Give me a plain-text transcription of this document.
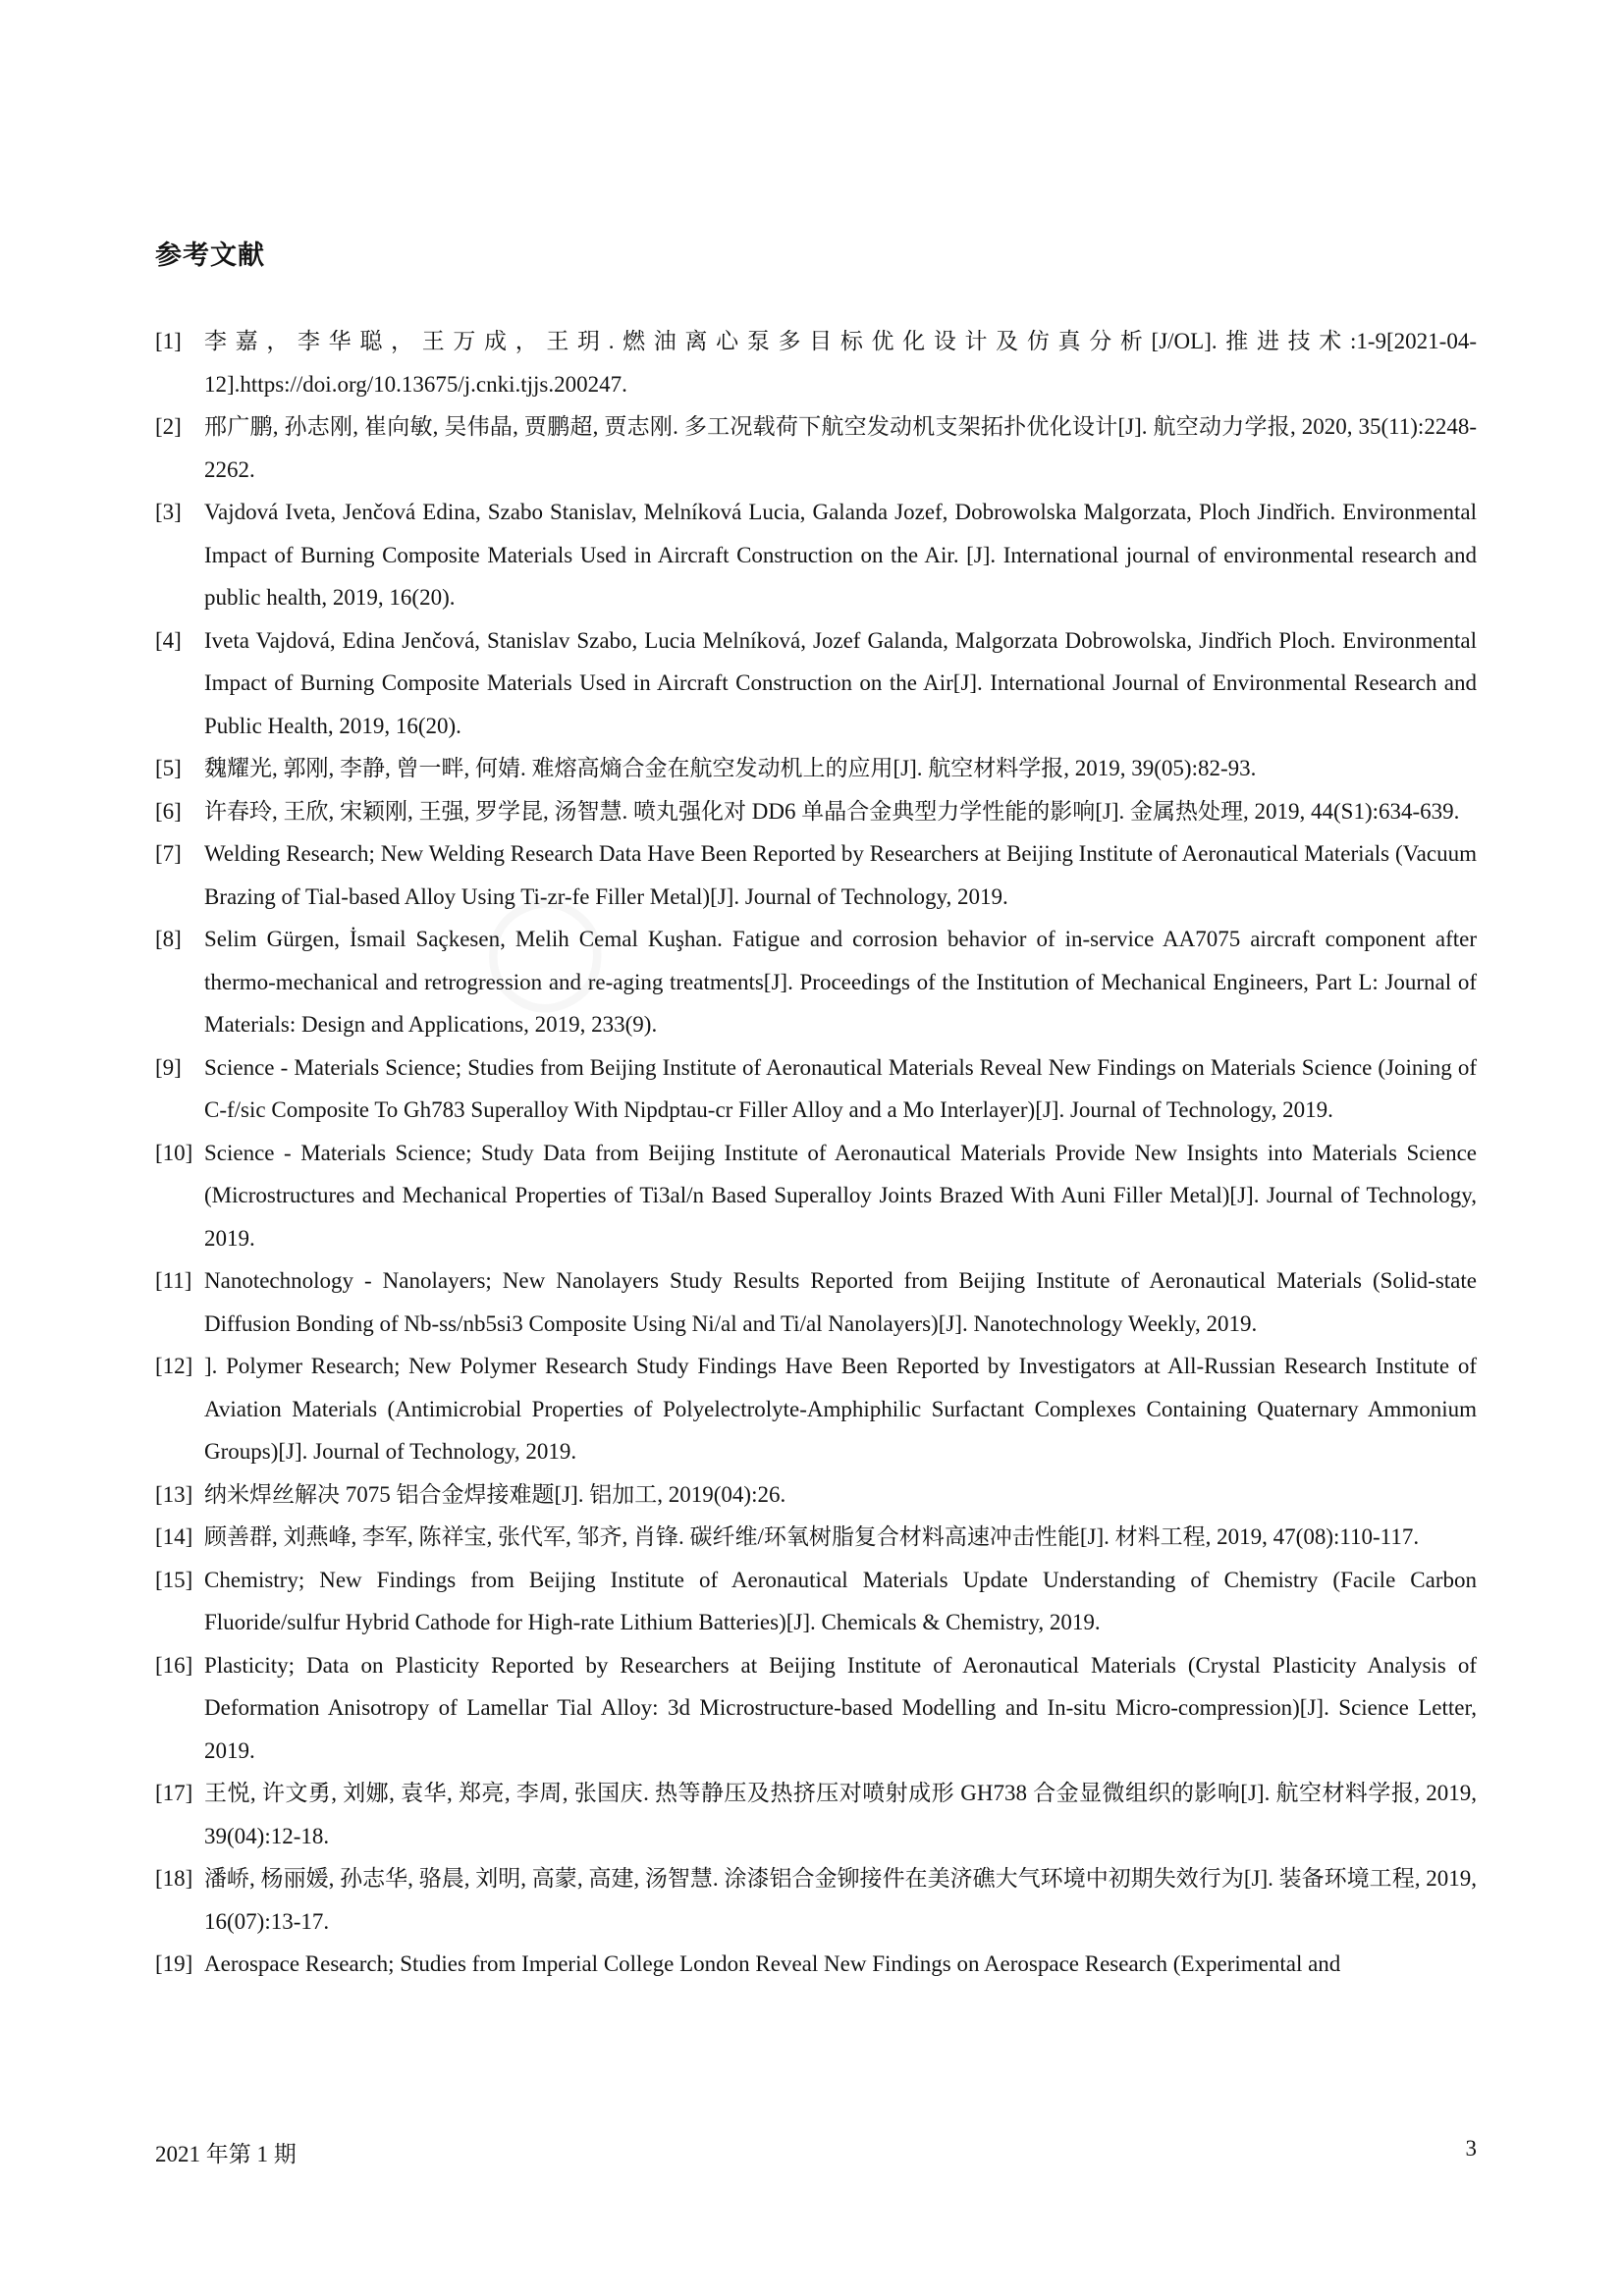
参考文献
[1] 李嘉，李华聪，王万成，王玥.燃油离心泵多目标优化设计及仿真分析[J/OL].推进技术:1-9[2021-04-12].https://doi.org/10.13675/j.cnki.tjjs.200247.
[2] 邢广鹏, 孙志刚, 崔向敏, 吴伟晶, 贾鹏超, 贾志刚. 多工况载荷下航空发动机支架拓扑优化设计[J]. 航空动力学报, 2020, 35(11):2248-2262.
[3] Vajdová Iveta, Jenčová Edina, Szabo Stanislav, Melníková Lucia, Galanda Jozef, Dobrowolska Malgorzata, Ploch Jindřich. Environmental Impact of Burning Composite Materials Used in Aircraft Construction on the Air. [J]. International journal of environmental research and public health, 2019, 16(20).
[4] Iveta Vajdová, Edina Jenčová, Stanislav Szabo, Lucia Melníková, Jozef Galanda, Malgorzata Dobrowolska, Jindřich Ploch. Environmental Impact of Burning Composite Materials Used in Aircraft Construction on the Air[J]. International Journal of Environmental Research and Public Health, 2019, 16(20).
[5] 魏耀光, 郭刚, 李静, 曾一畔, 何婧. 难熔高熵合金在航空发动机上的应用[J]. 航空材料学报, 2019, 39(05):82-93.
[6] 许春玲, 王欣, 宋颖刚, 王强, 罗学昆, 汤智慧. 喷丸强化对 DD6 单晶合金典型力学性能的影响[J]. 金属热处理, 2019, 44(S1):634-639.
[7] Welding Research; New Welding Research Data Have Been Reported by Researchers at Beijing Institute of Aeronautical Materials (Vacuum Brazing of Tial-based Alloy Using Ti-zr-fe Filler Metal)[J]. Journal of Technology, 2019.
[8] Selim Gürgen, İsmail Saçkesen, Melih Cemal Kuşhan. Fatigue and corrosion behavior of in-service AA7075 aircraft component after thermo-mechanical and retrogression and re-aging treatments[J]. Proceedings of the Institution of Mechanical Engineers, Part L: Journal of Materials: Design and Applications, 2019, 233(9).
[9] Science - Materials Science; Studies from Beijing Institute of Aeronautical Materials Reveal New Findings on Materials Science (Joining of C-f/sic Composite To Gh783 Superalloy With Nipdptau-cr Filler Alloy and a Mo Interlayer)[J]. Journal of Technology, 2019.
[10] Science - Materials Science; Study Data from Beijing Institute of Aeronautical Materials Provide New Insights into Materials Science (Microstructures and Mechanical Properties of Ti3al/n Based Superalloy Joints Brazed With Auni Filler Metal)[J]. Journal of Technology, 2019.
[11] Nanotechnology - Nanolayers; New Nanolayers Study Results Reported from Beijing Institute of Aeronautical Materials (Solid-state Diffusion Bonding of Nb-ss/nb5si3 Composite Using Ni/al and Ti/al Nanolayers)[J]. Nanotechnology Weekly, 2019.
[12] ]. Polymer Research; New Polymer Research Study Findings Have Been Reported by Investigators at All-Russian Research Institute of Aviation Materials (Antimicrobial Properties of Polyelectrolyte-Amphiphilic Surfactant Complexes Containing Quaternary Ammonium Groups)[J]. Journal of Technology, 2019.
[13] 纳米焊丝解决 7075 铝合金焊接难题[J]. 铝加工, 2019(04):26.
[14] 顾善群, 刘燕峰, 李军, 陈祥宝, 张代军, 邹齐, 肖锋. 碳纤维/环氧树脂复合材料高速冲击性能[J]. 材料工程, 2019, 47(08):110-117.
[15] Chemistry; New Findings from Beijing Institute of Aeronautical Materials Update Understanding of Chemistry (Facile Carbon Fluoride/sulfur Hybrid Cathode for High-rate Lithium Batteries)[J]. Chemicals & Chemistry, 2019.
[16] Plasticity; Data on Plasticity Reported by Researchers at Beijing Institute of Aeronautical Materials (Crystal Plasticity Analysis of Deformation Anisotropy of Lamellar Tial Alloy: 3d Microstructure-based Modelling and In-situ Micro-compression)[J]. Science Letter, 2019.
[17] 王悦, 许文勇, 刘娜, 袁华, 郑亮, 李周, 张国庆. 热等静压及热挤压对喷射成形 GH738 合金显微组织的影响[J]. 航空材料学报, 2019, 39(04):12-18.
[18] 潘峤, 杨丽媛, 孙志华, 骆晨, 刘明, 高蒙, 高建, 汤智慧. 涂漆铝合金铆接件在美济礁大气环境中初期失效行为[J]. 装备环境工程, 2019, 16(07):13-17.
[19] Aerospace Research; Studies from Imperial College London Reveal New Findings on Aerospace Research (Experimental and
2021 年第 1 期	3
